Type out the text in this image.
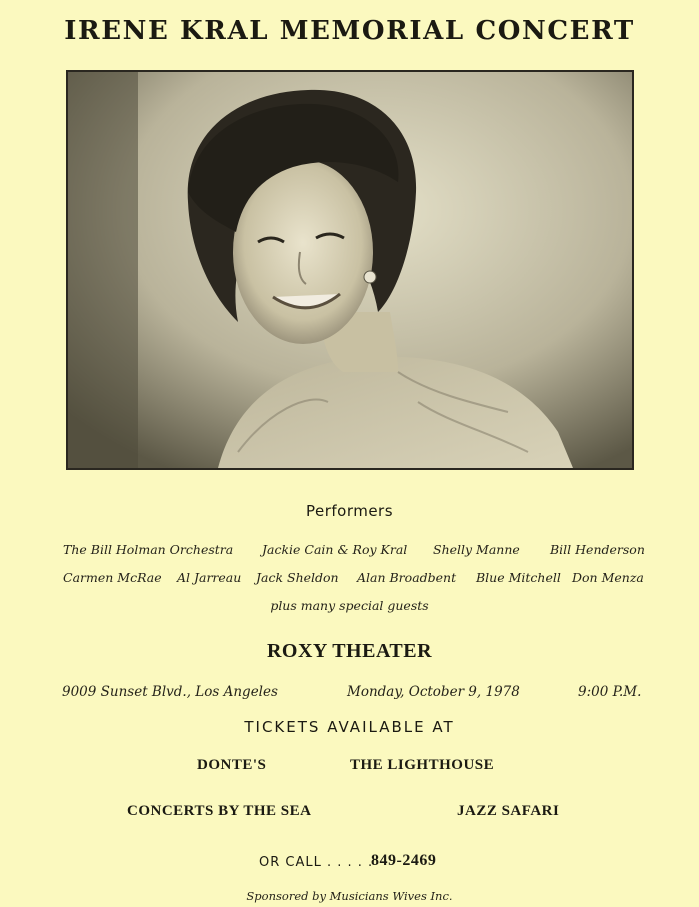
IRENE KRAL MEMORIAL CONCERT
Performers
The Bill Holman Orchestra Jackie Cain & Roy Kral Shelly Manne Bill Henderson
Carmen McRae Al Jarreau Jack Sheldon Alan Broadbent Blue Mitchell Don Menza
plus many special guests
ROXY THEATER
9009 Sunset Blvd., Los Angeles	Monday, October 9, 1978	9:00 P.M.
TICKETS AVAILABLE AT
DONTE'S	THE LIGHTHOUSE
CONCERTS BY THE SEA	JAZZ SAFARI
OR CALL . . . . .
849-2469
Sponsored by Musicians Wives Inc.
